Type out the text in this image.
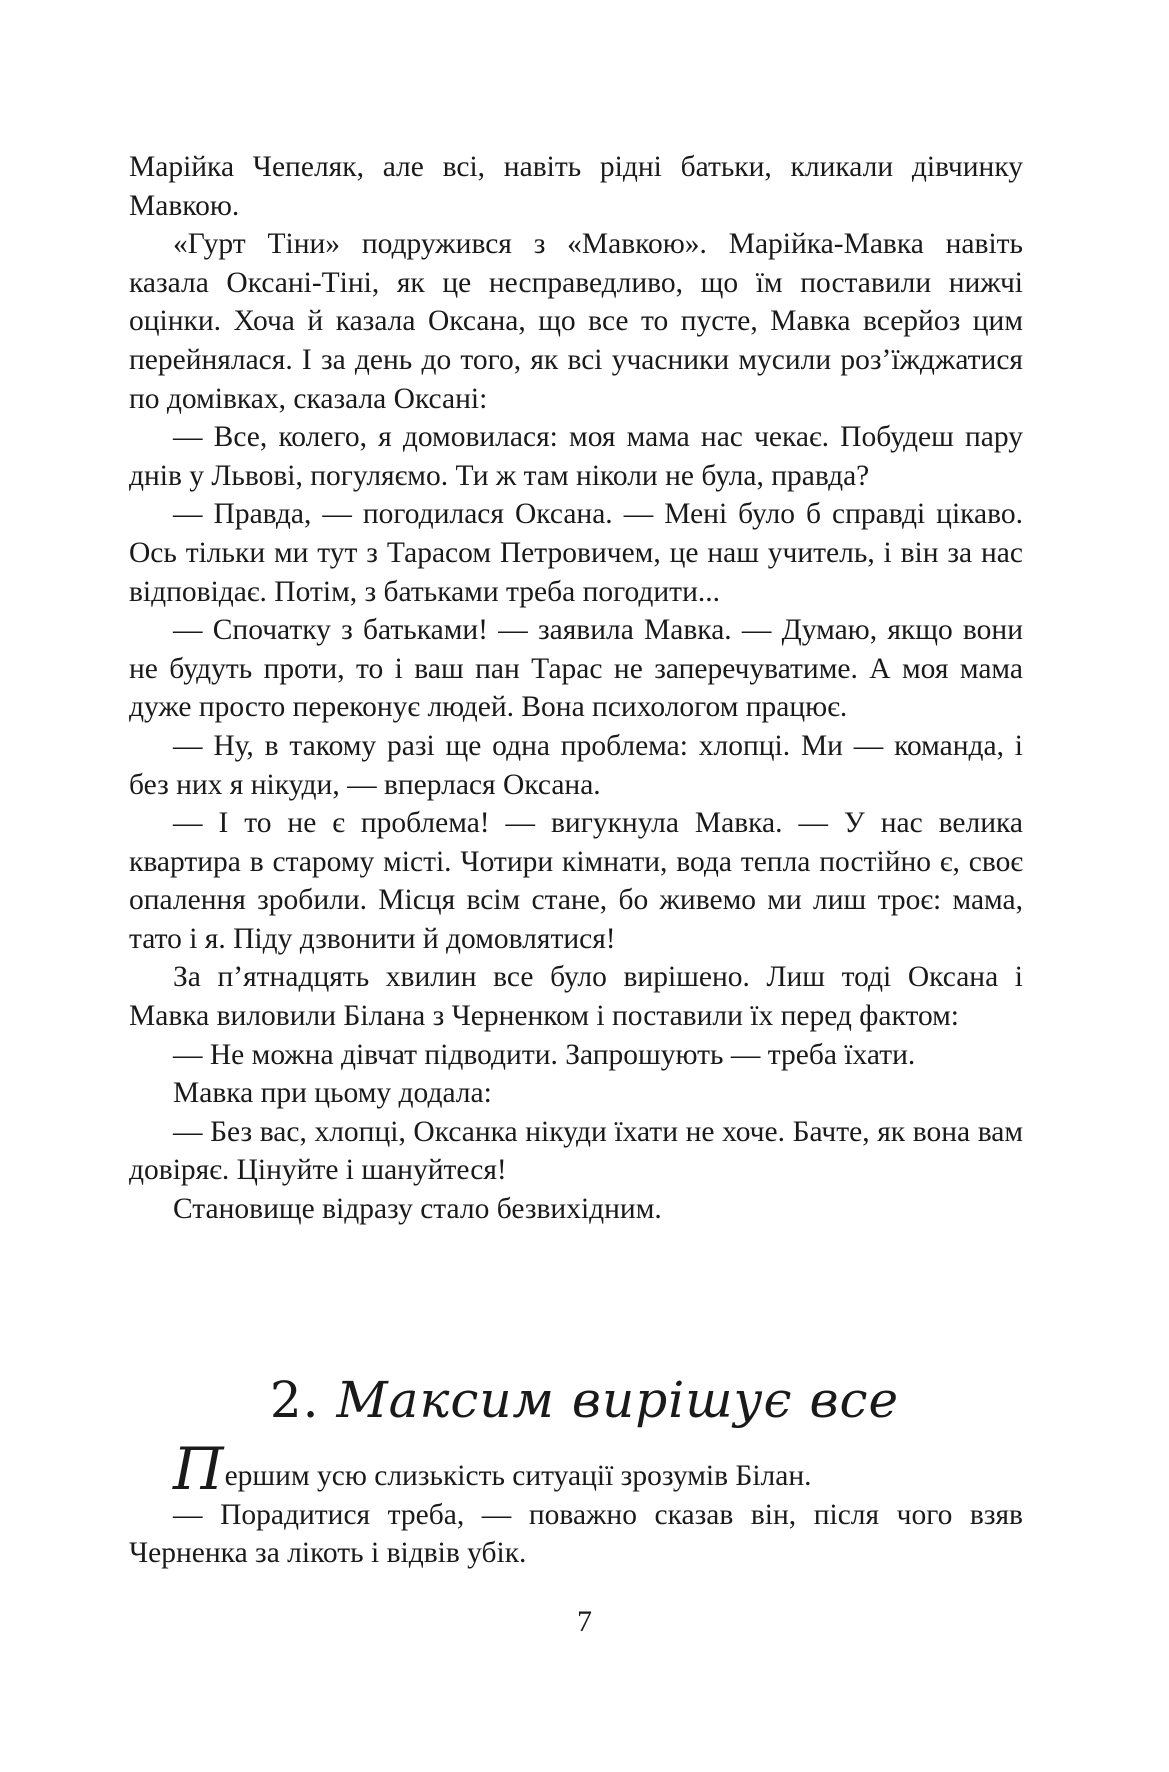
Марійка Чепеляк, але всі, навіть рідні батьки, кликали дівчинку Мавкою.

«Гурт Тіни» подружився з «Мавкою». Марійка-Мавка навіть казала Оксані-Тіні, як це несправедливо, що їм поставили нижчі оцінки. Хоча й казала Оксана, що все то пусте, Мавка всерйоз цим перейнялася. І за день до того, як всі учасники мусили роз’їжджатися по домівках, сказала Оксані:

— Все, колего, я домовилася: моя мама нас чекає. Побудеш пару днів у Львові, погуляємо. Ти ж там ніколи не була, правда?

— Правда, — погодилася Оксана. — Мені було б справді цікаво. Ось тільки ми тут з Тарасом Петровичем, це наш учитель, і він за нас відповідає. Потім, з батьками треба погодити...

— Спочатку з батьками! — заявила Мавка. — Думаю, якщо вони не будуть проти, то і ваш пан Тарас не заперечуватиме. А моя мама дуже просто переконує людей. Вона психологом працює.

— Ну, в такому разі ще одна проблема: хлопці. Ми — команда, і без них я нікуди, — вперлася Оксана.

— І то не є проблема! — вигукнула Мавка. — У нас велика квартира в старому місті. Чотири кімнати, вода тепла постійно є, своє опалення зробили. Місця всім стане, бо живемо ми лиш троє: мама, тато і я. Піду дзвонити й домовлятися!

За п’ятнадцять хвилин все було вирішено. Лиш тоді Оксана і Мавка виловили Білана з Черненком і поставили їх перед фактом:

— Не можна дівчат підводити. Запрошують — треба їхати.

Мавка при цьому додала:

— Без вас, хлопці, Оксанка нікуди їхати не хоче. Бачте, як вона вам довіряє. Цінуйте і шануйтеся!

Становище відразу стало безвихідним.

2. Максим вирішує все

Першим усю слизькість ситуації зрозумів Білан.

— Порадитися треба, — поважно сказав він, після чого взяв Черненка за лікоть і відвів убік.

7
